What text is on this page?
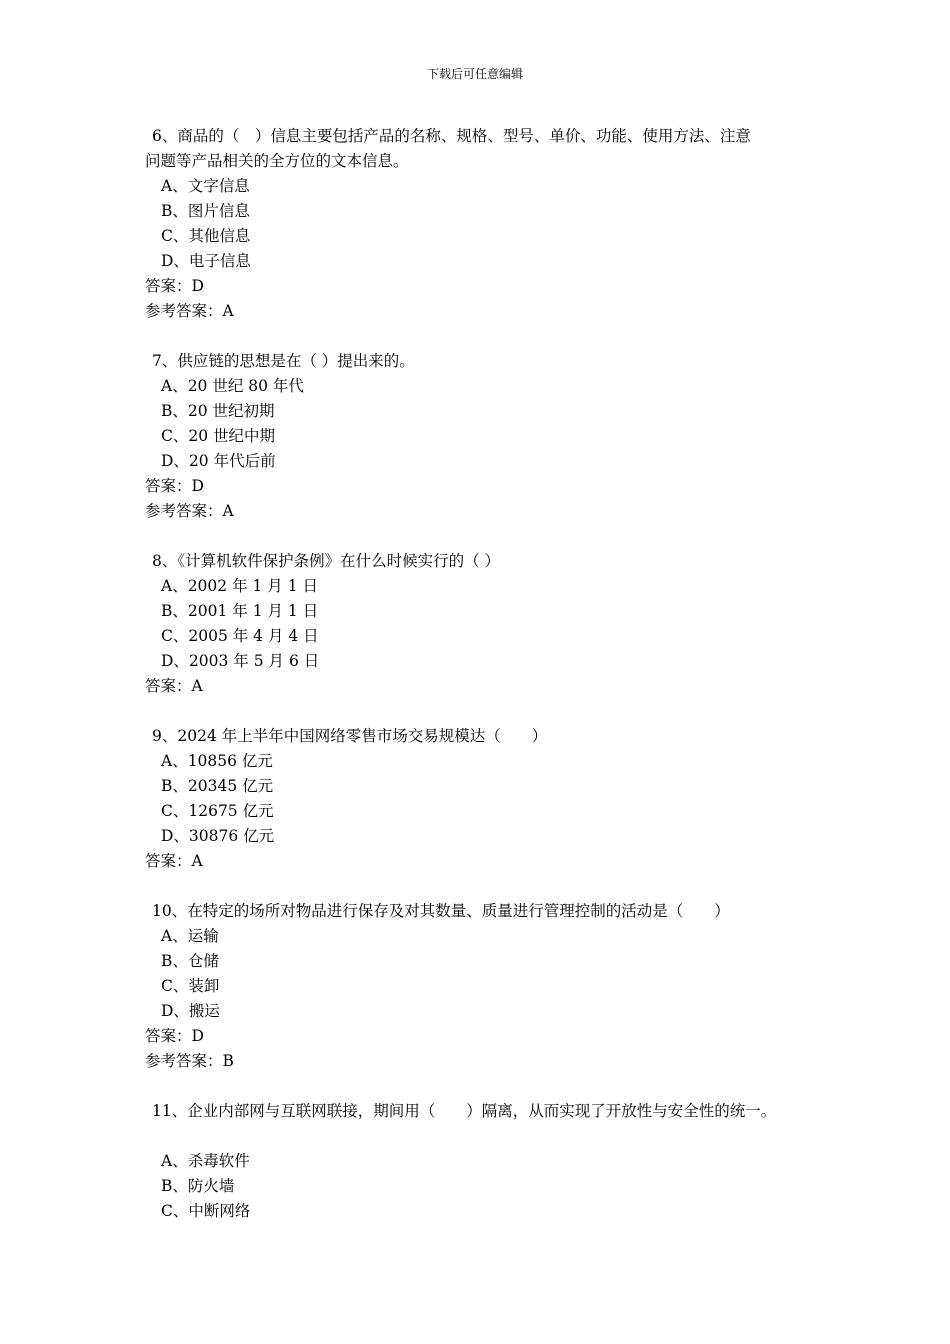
下载后可任意编辑
6、商品的（　）信息主要包括产品的名称、规格、型号、单价、功能、使用方法、注意
问题等产品相关的全方位的文本信息。
A、文字信息
B、图片信息
C、其他信息
D、电子信息
答案：D
参考答案：A
7、供应链的思想是在（ ）提出来的。
A、20 世纪 80 年代
B、20 世纪初期
C、20 世纪中期
D、20 年代后前
答案：D
参考答案：A
8、《计算机软件保护条例》在什么时候实行的（ ）
A、2002 年 1 月 1 日
B、2001 年 1 月 1 日
C、2005 年 4 月 4 日
D、2003 年 5 月 6 日
答案：A
9、2024 年上半年中国网络零售市场交易规模达（　　）
A、10856 亿元
B、20345 亿元
C、12675 亿元
D、30876 亿元
答案：A
10、在特定的场所对物品进行保存及对其数量、质量进行管理控制的活动是（　　）
A、运输
B、仓储
C、装卸
D、搬运
答案：D
参考答案：B
11、企业内部网与互联网联接，期间用（　　）隔离，从而实现了开放性与安全性的统一。
A、杀毒软件
B、防火墙
C、中断网络
